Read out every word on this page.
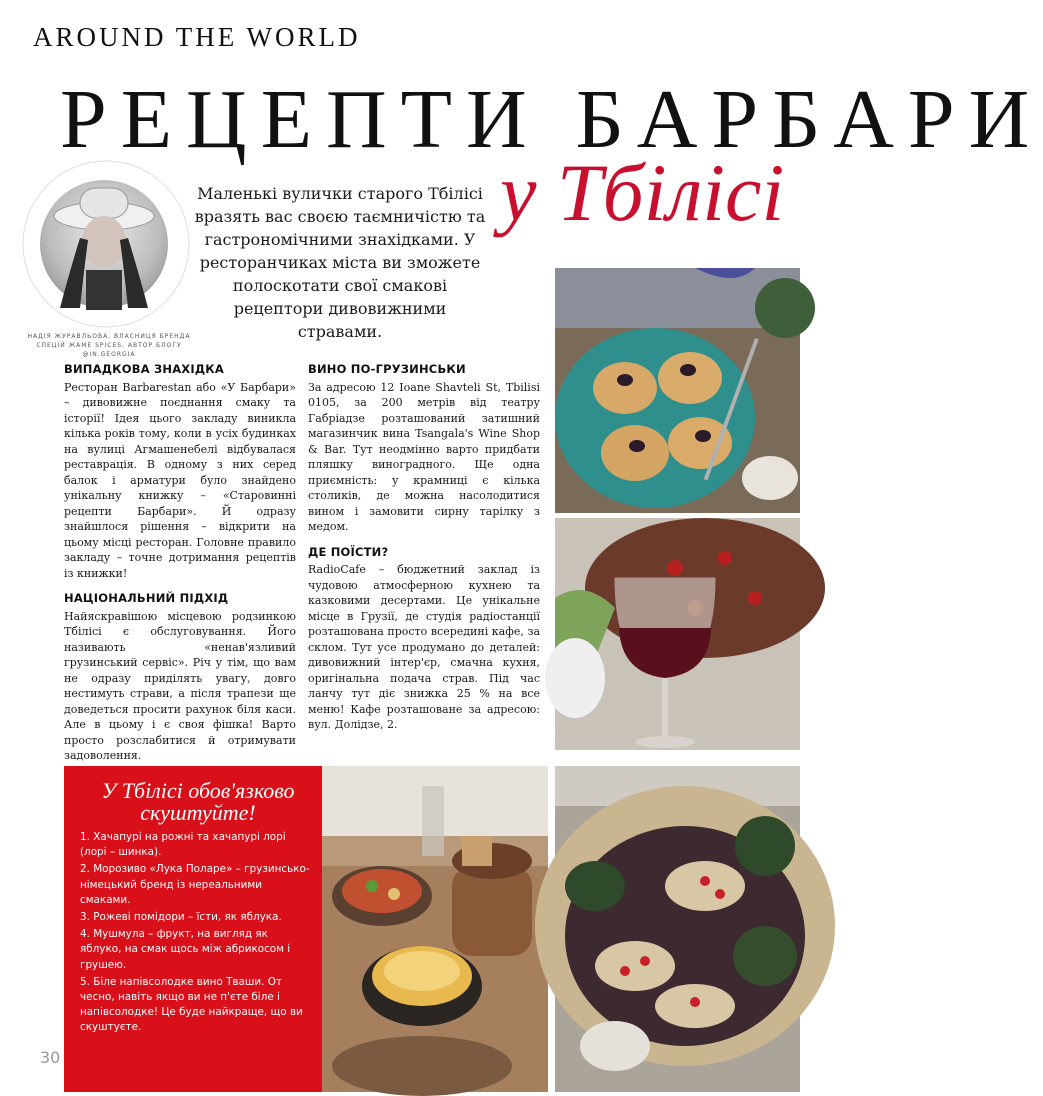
AROUND THE WORLD
РЕЦЕПТИ БАРБАРИ
НАДІЯ ЖУРАВЛЬОВА, ВЛАСНИЦЯ БРЕНДА СПЕЦІЙ ЖАМЕ SPICES, АВТОР БЛОГУ @IN.GEORGIA
у Тбілісі
Маленькі вулички старого Тбілісі вразять вас своєю таємничістю та гастрономічними знахідками. У ресторанчиках міста ви зможете полоскотати свої смакові рецептори дивовижними стравами.
ВИПАДКОВА ЗНАХІДКА

Ресторан Barbarestan або «У Барбари» – дивовижне поєднання смаку та історії! Ідея цього закладу виникла кілька років тому, коли в усіх будинках на вулиці Агмашенебелі відбувалася реставрація. В одному з них серед балок і арматури було знайдено унікальну книжку – «Старовинні рецепти Барбари». Й одразу знайшлося рішення – відкрити на цьому місці ресторан. Головне правило закладу – точне дотримання рецептів із книжки!

НАЦІОНАЛЬНИЙ ПІДХІД

Найяскравішою місцевою родзинкою Тбілісі є обслуговування. Його називають «ненав'язливий грузинський сервіс». Річ у тім, що вам не одразу приділять увагу, довго нестимуть страви, а після трапези ще доведеться просити рахунок біля каси. Але в цьому і є своя фішка! Варто просто розслабитися й отримувати задоволення.

ВИНО ПО-ГРУЗИНСЬКИ

За адресою 12 Ioane Shavteli St, Tbilisi 0105, за 200 метрів від театру Габріадзе розташований затишний магазинчик вина Tsangala's Wine Shop & Bar. Тут неодмінно варто придбати пляшку виноградного. Ще одна приємність: у крамниці є кілька столиків, де можна насолодитися вином і замовити сирну тарілку з медом.

ДЕ ПОЇСТИ?

RadioCafe – бюджетний заклад із чудовою атмосферною кухнею та казковими десертами. Це унікальне місце в Грузії, де студія радіостанції розташована просто всередині кафе, за склом. Тут усе продумано до деталей: дивовижний інтер'єр, смачна кухня, оригінальна подача страв. Під час ланчу тут діє знижка 25 % на все меню! Кафе розташоване за адресою: вул. Долідзе, 2.

У Тбілісі обов'язково скуштуйте!
1. Хачапурі на рожні та хачапурі лорі (лорі – шинка).
2. Морозиво «Лука Поларе» – грузинсько-німецький бренд із нереальними смаками.
3. Рожеві помідори – їсти, як яблука.
4. Мушмула – фрукт, на вигляд як яблуко, на смак щось між абрикосом і грушею.
5. Біле напівсолодке вино Тваши. От чесно, навіть якщо ви не п'єте біле і напівсолодке! Це буде найкраще, що ви скуштуєте.
30
